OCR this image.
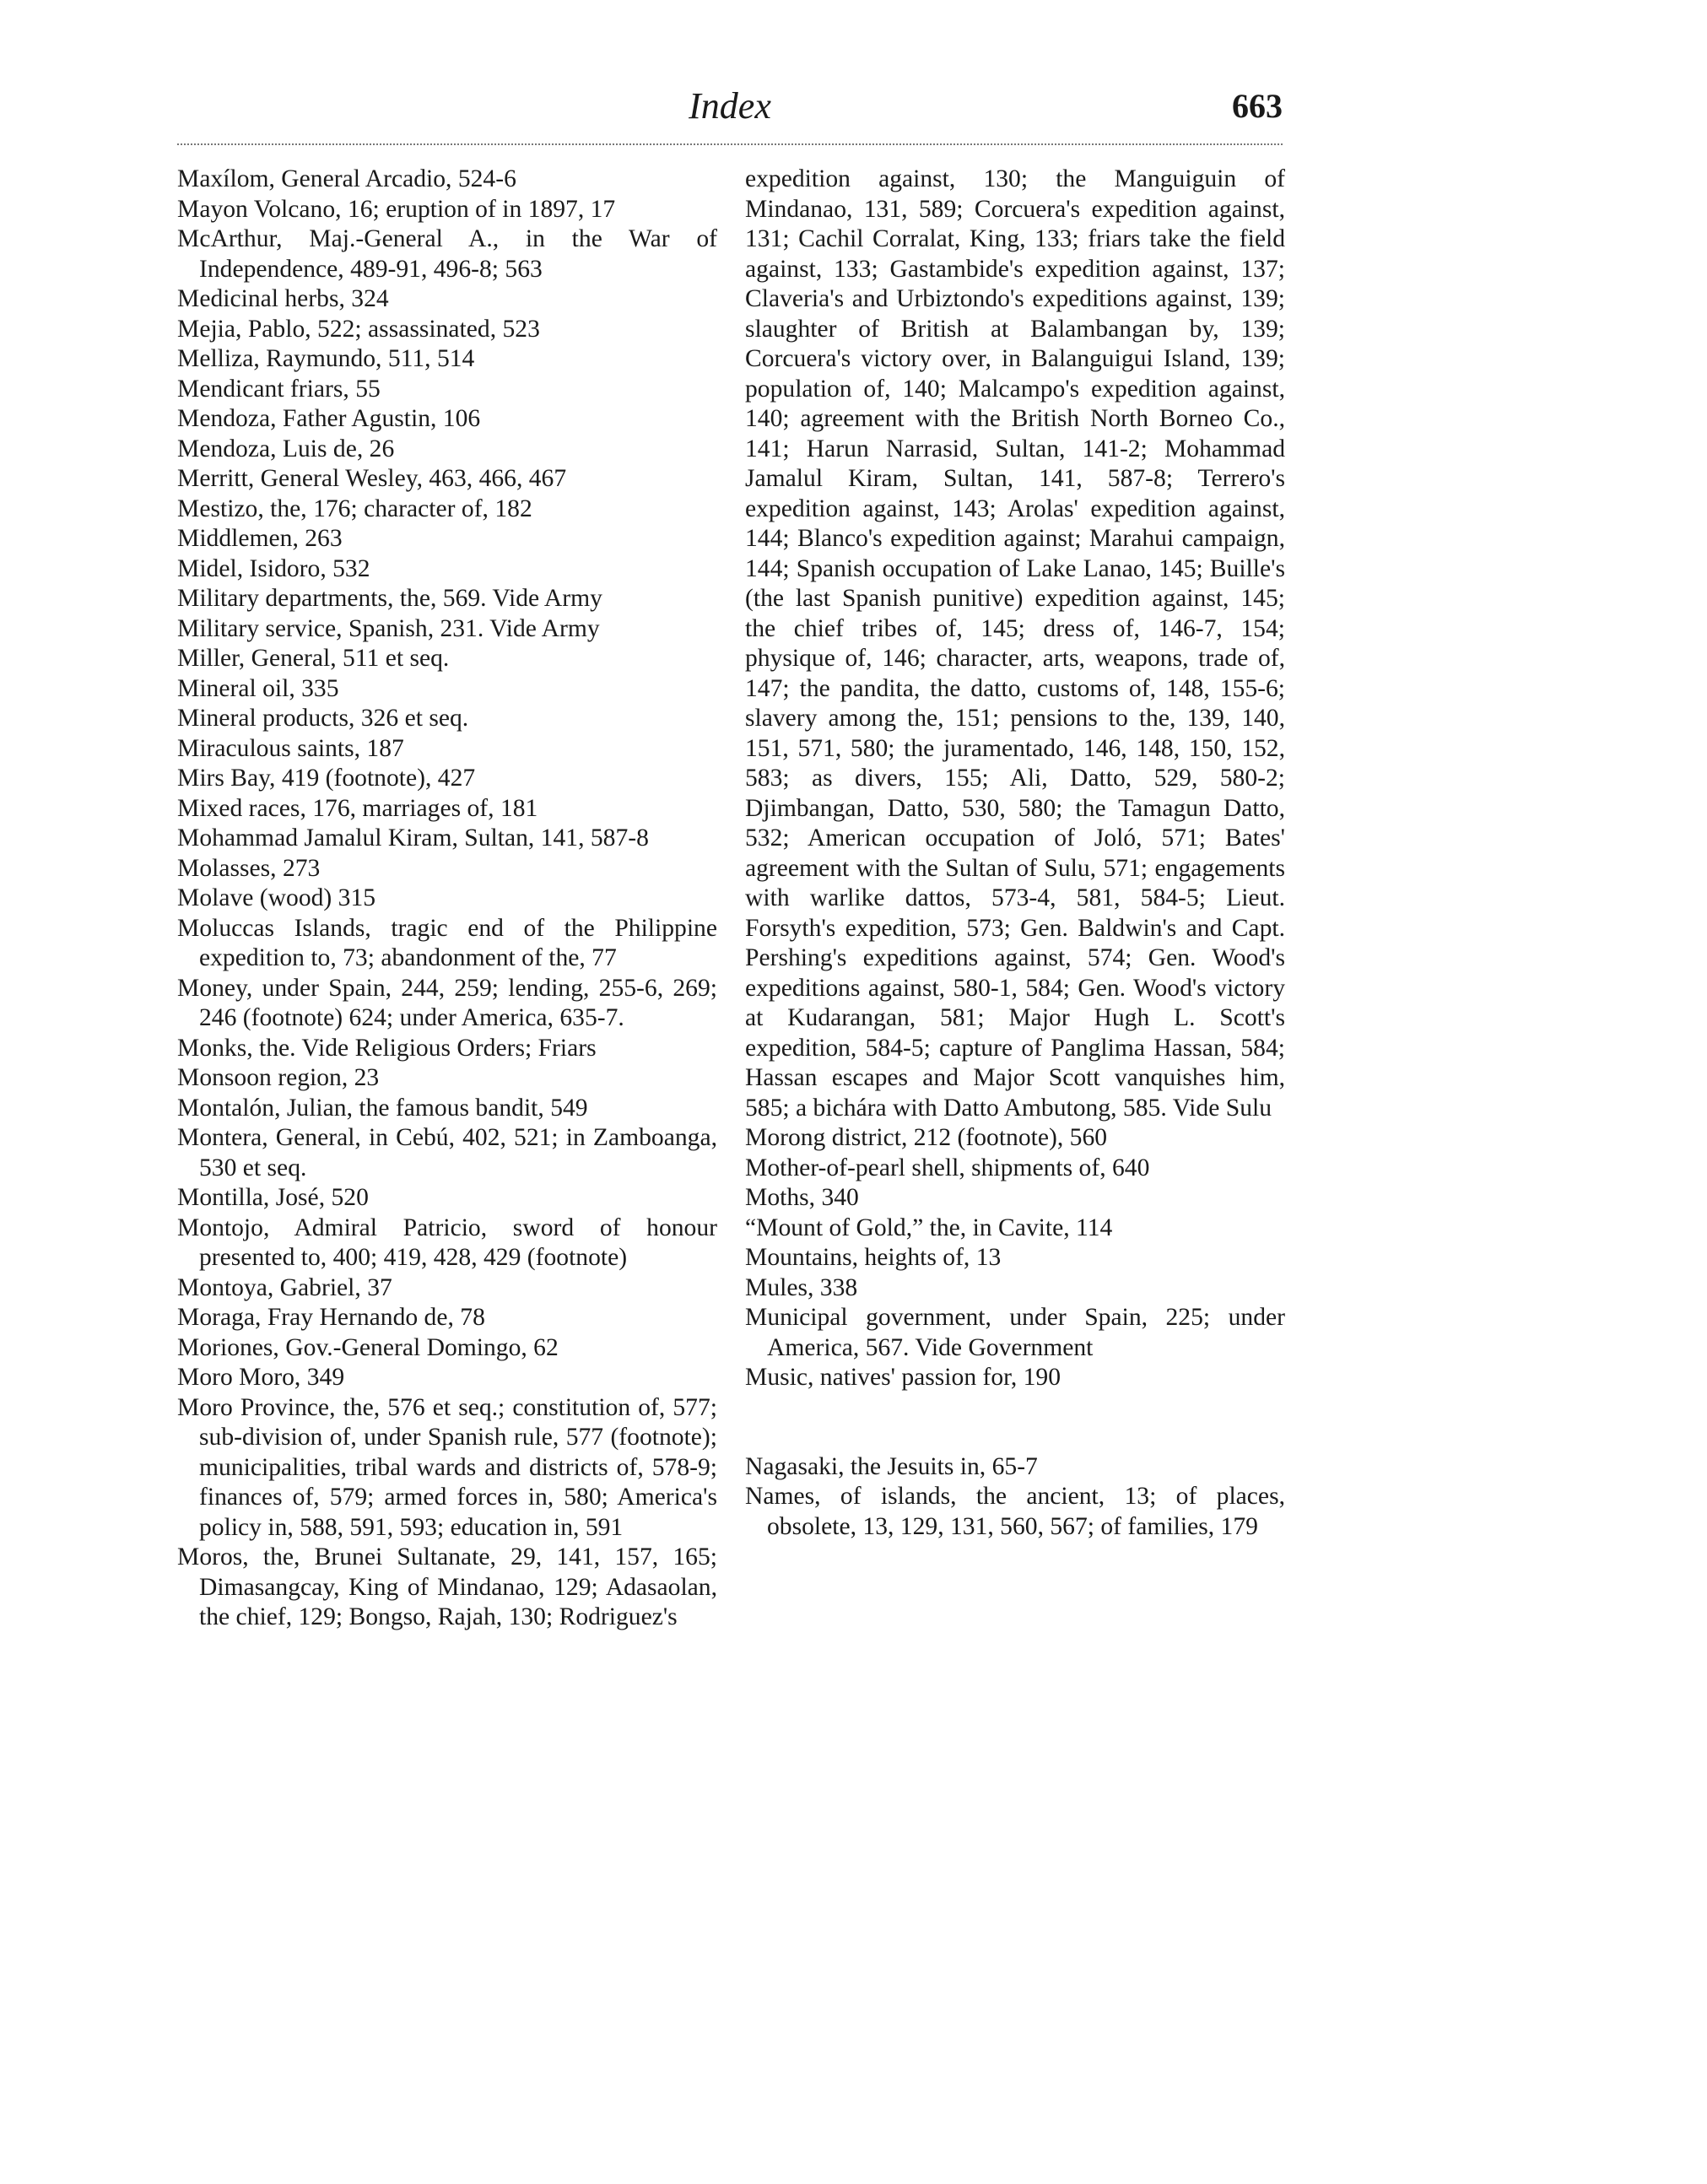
Index	663
Maxílom, General Arcadio, 524-6
Mayon Volcano, 16; eruption of in 1897, 17
McArthur, Maj.-General A., in the War of Independence, 489-91, 496-8; 563
Medicinal herbs, 324
Mejia, Pablo, 522; assassinated, 523
Melliza, Raymundo, 511, 514
Mendicant friars, 55
Mendoza, Father Agustin, 106
Mendoza, Luis de, 26
Merritt, General Wesley, 463, 466, 467
Mestizo, the, 176; character of, 182
Middlemen, 263
Midel, Isidoro, 532
Military departments, the, 569. Vide Army
Military service, Spanish, 231. Vide Army
Miller, General, 511 et seq.
Mineral oil, 335
Mineral products, 326 et seq.
Miraculous saints, 187
Mirs Bay, 419 (footnote), 427
Mixed races, 176, marriages of, 181
Mohammad Jamalul Kiram, Sultan, 141, 587-8
Molasses, 273
Molave (wood) 315
Moluccas Islands, tragic end of the Philippine expedition to, 73; abandonment of the, 77
Money, under Spain, 244, 259; lending, 255-6, 269; 246 (footnote) 624; under America, 635-7.
Monks, the. Vide Religious Orders; Friars
Monsoon region, 23
Montalón, Julian, the famous bandit, 549
Montera, General, in Cebú, 402, 521; in Zamboanga, 530 et seq.
Montilla, José, 520
Montojo, Admiral Patricio, sword of honour presented to, 400; 419, 428, 429 (footnote)
Montoya, Gabriel, 37
Moraga, Fray Hernando de, 78
Moriones, Gov.-General Domingo, 62
Moro Moro, 349
Moro Province, the, 576 et seq.; constitution of, 577; sub-division of, under Spanish rule, 577 (footnote); municipalities, tribal wards and districts of, 578-9; finances of, 579; armed forces in, 580; America's policy in, 588, 591, 593; education in, 591
Moros, the, Brunei Sultanate, 29, 141, 157, 165; Dimasangcay, King of Mindanao, 129; Adasaolan, the chief, 129; Bongso, Rajah, 130; Rodriguez's
expedition against, 130; the Manguiguin of Mindanao, 131, 589; Corcuera's expedition against, 131; Cachil Corralat, King, 133; friars take the field against, 133; Gastambide's expedition against, 137; Claveria's and Urbiztondo's expeditions against, 139; slaughter of British at Balambangan by, 139; Corcuera's victory over, in Balanguigui Island, 139; population of, 140; Malcampo's expedition against, 140; agreement with the British North Borneo Co., 141; Harun Narrasid, Sultan, 141-2; Mohammad Jamalul Kiram, Sultan, 141, 587-8; Terrero's expedition against, 143; Arolas' expedition against, 144; Blanco's expedition against; Marahui campaign, 144; Spanish occupation of Lake Lanao, 145; Buille's (the last Spanish punitive) expedition against, 145; the chief tribes of, 145; dress of, 146-7, 154; physique of, 146; character, arts, weapons, trade of, 147; the pandita, the datto, customs of, 148, 155-6; slavery among the, 151; pensions to the, 139, 140, 151, 571, 580; the juramentado, 146, 148, 150, 152, 583; as divers, 155; Ali, Datto, 529, 580-2; Djimbangan, Datto, 530, 580; the Tamagun Datto, 532; American occupation of Joló, 571; Bates' agreement with the Sultan of Sulu, 571; engagements with warlike dattos, 573-4, 581, 584-5; Lieut. Forsyth's expedition, 573; Gen. Baldwin's and Capt. Pershing's expeditions against, 574; Gen. Wood's expeditions against, 580-1, 584; Gen. Wood's victory at Kudarangan, 581; Major Hugh L. Scott's expedition, 584-5; capture of Panglima Hassan, 584; Hassan escapes and Major Scott vanquishes him, 585; a bichára with Datto Ambutong, 585. Vide Sulu
Morong district, 212 (footnote), 560
Mother-of-pearl shell, shipments of, 640
Moths, 340
“Mount of Gold,” the, in Cavite, 114
Mountains, heights of, 13
Mules, 338
Municipal government, under Spain, 225; under America, 567. Vide Government
Music, natives' passion for, 190
Nagasaki, the Jesuits in, 65-7
Names, of islands, the ancient, 13; of places, obsolete, 13, 129, 131, 560, 567; of families, 179
